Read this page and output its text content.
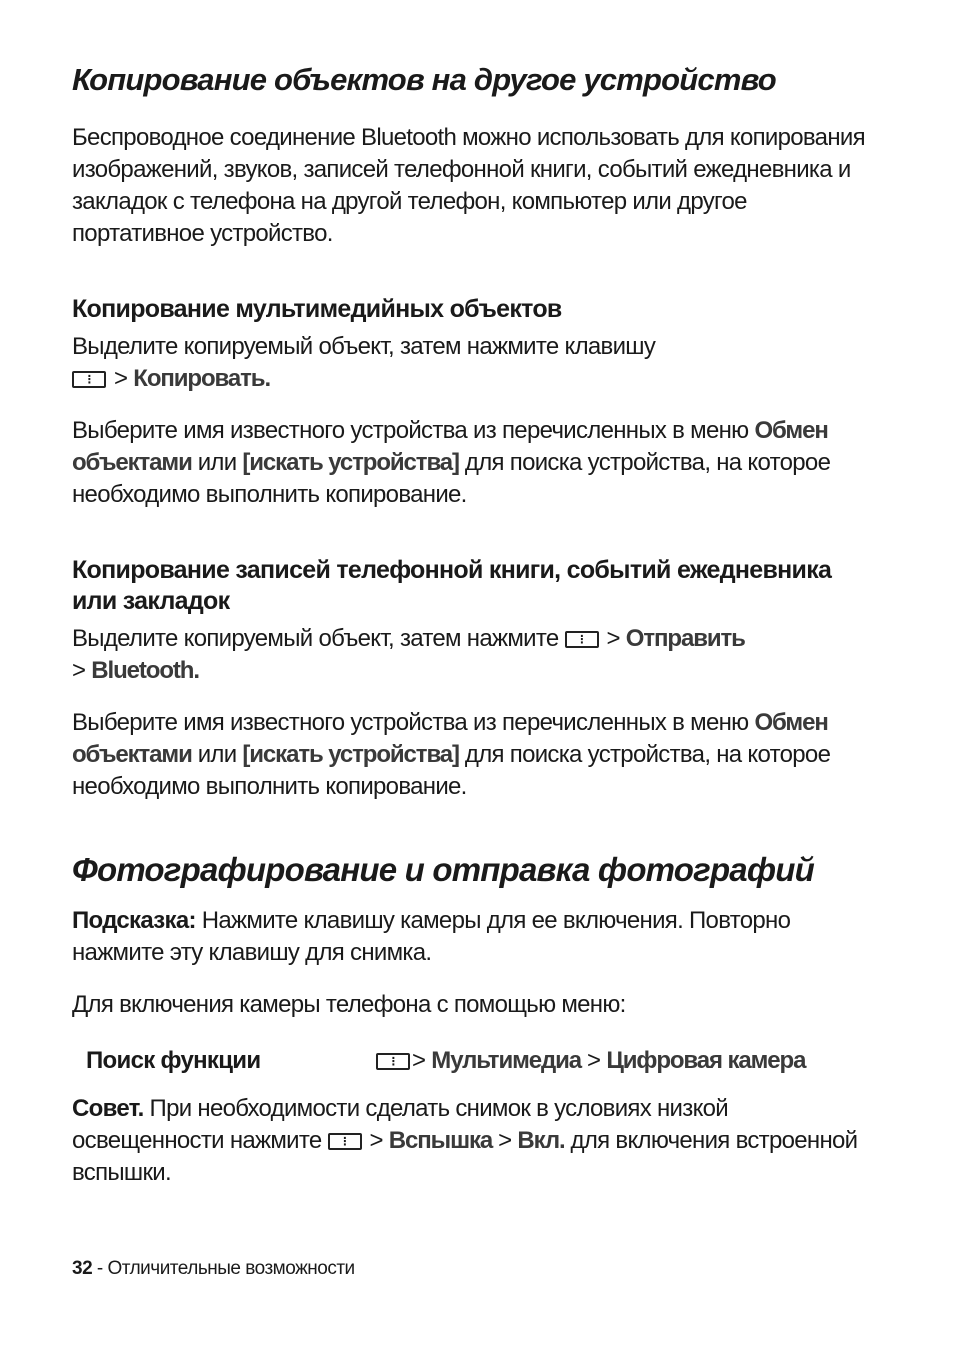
Копирование объектов на другое устройство

Беспроводное соединение Bluetooth можно использовать для копирования изображений, звуков, записей телефонной книги, событий ежедневника и закладок с телефона на другой телефон, компьютер или другое портативное устройство.

Копирование мультимедийных объектов

Выделите копируемый объект, затем нажмите клавишу

⋮ > Копировать.

Выберите имя известного устройства из перечисленных в меню Обмен объектами или [искать устройства] для поиска устройства, на которое необходимо выполнить копирование.

Копирование записей телефонной книги, событий ежедневника или закладок

Выделите копируемый объект, затем нажмите ⋮ > Отправить
> Bluetooth.

Выберите имя известного устройства из перечисленных в меню Обмен объектами или [искать устройства] для поиска устройства, на которое необходимо выполнить копирование.

Фотографирование и отправка фотографий

Подсказка: Нажмите клавишу камеры для ее включения. Повторно нажмите эту клавишу для снимка.

Для включения камеры телефона с помощью меню:

Поиск функции	⋮ > Мультимедиа > Цифровая камера

Совет. При необходимости сделать снимок в условиях низкой освещенности нажмите ⋮ > Вспышка > Вкл. для включения встроенной вспышки.

32 - Отличительные возможности
